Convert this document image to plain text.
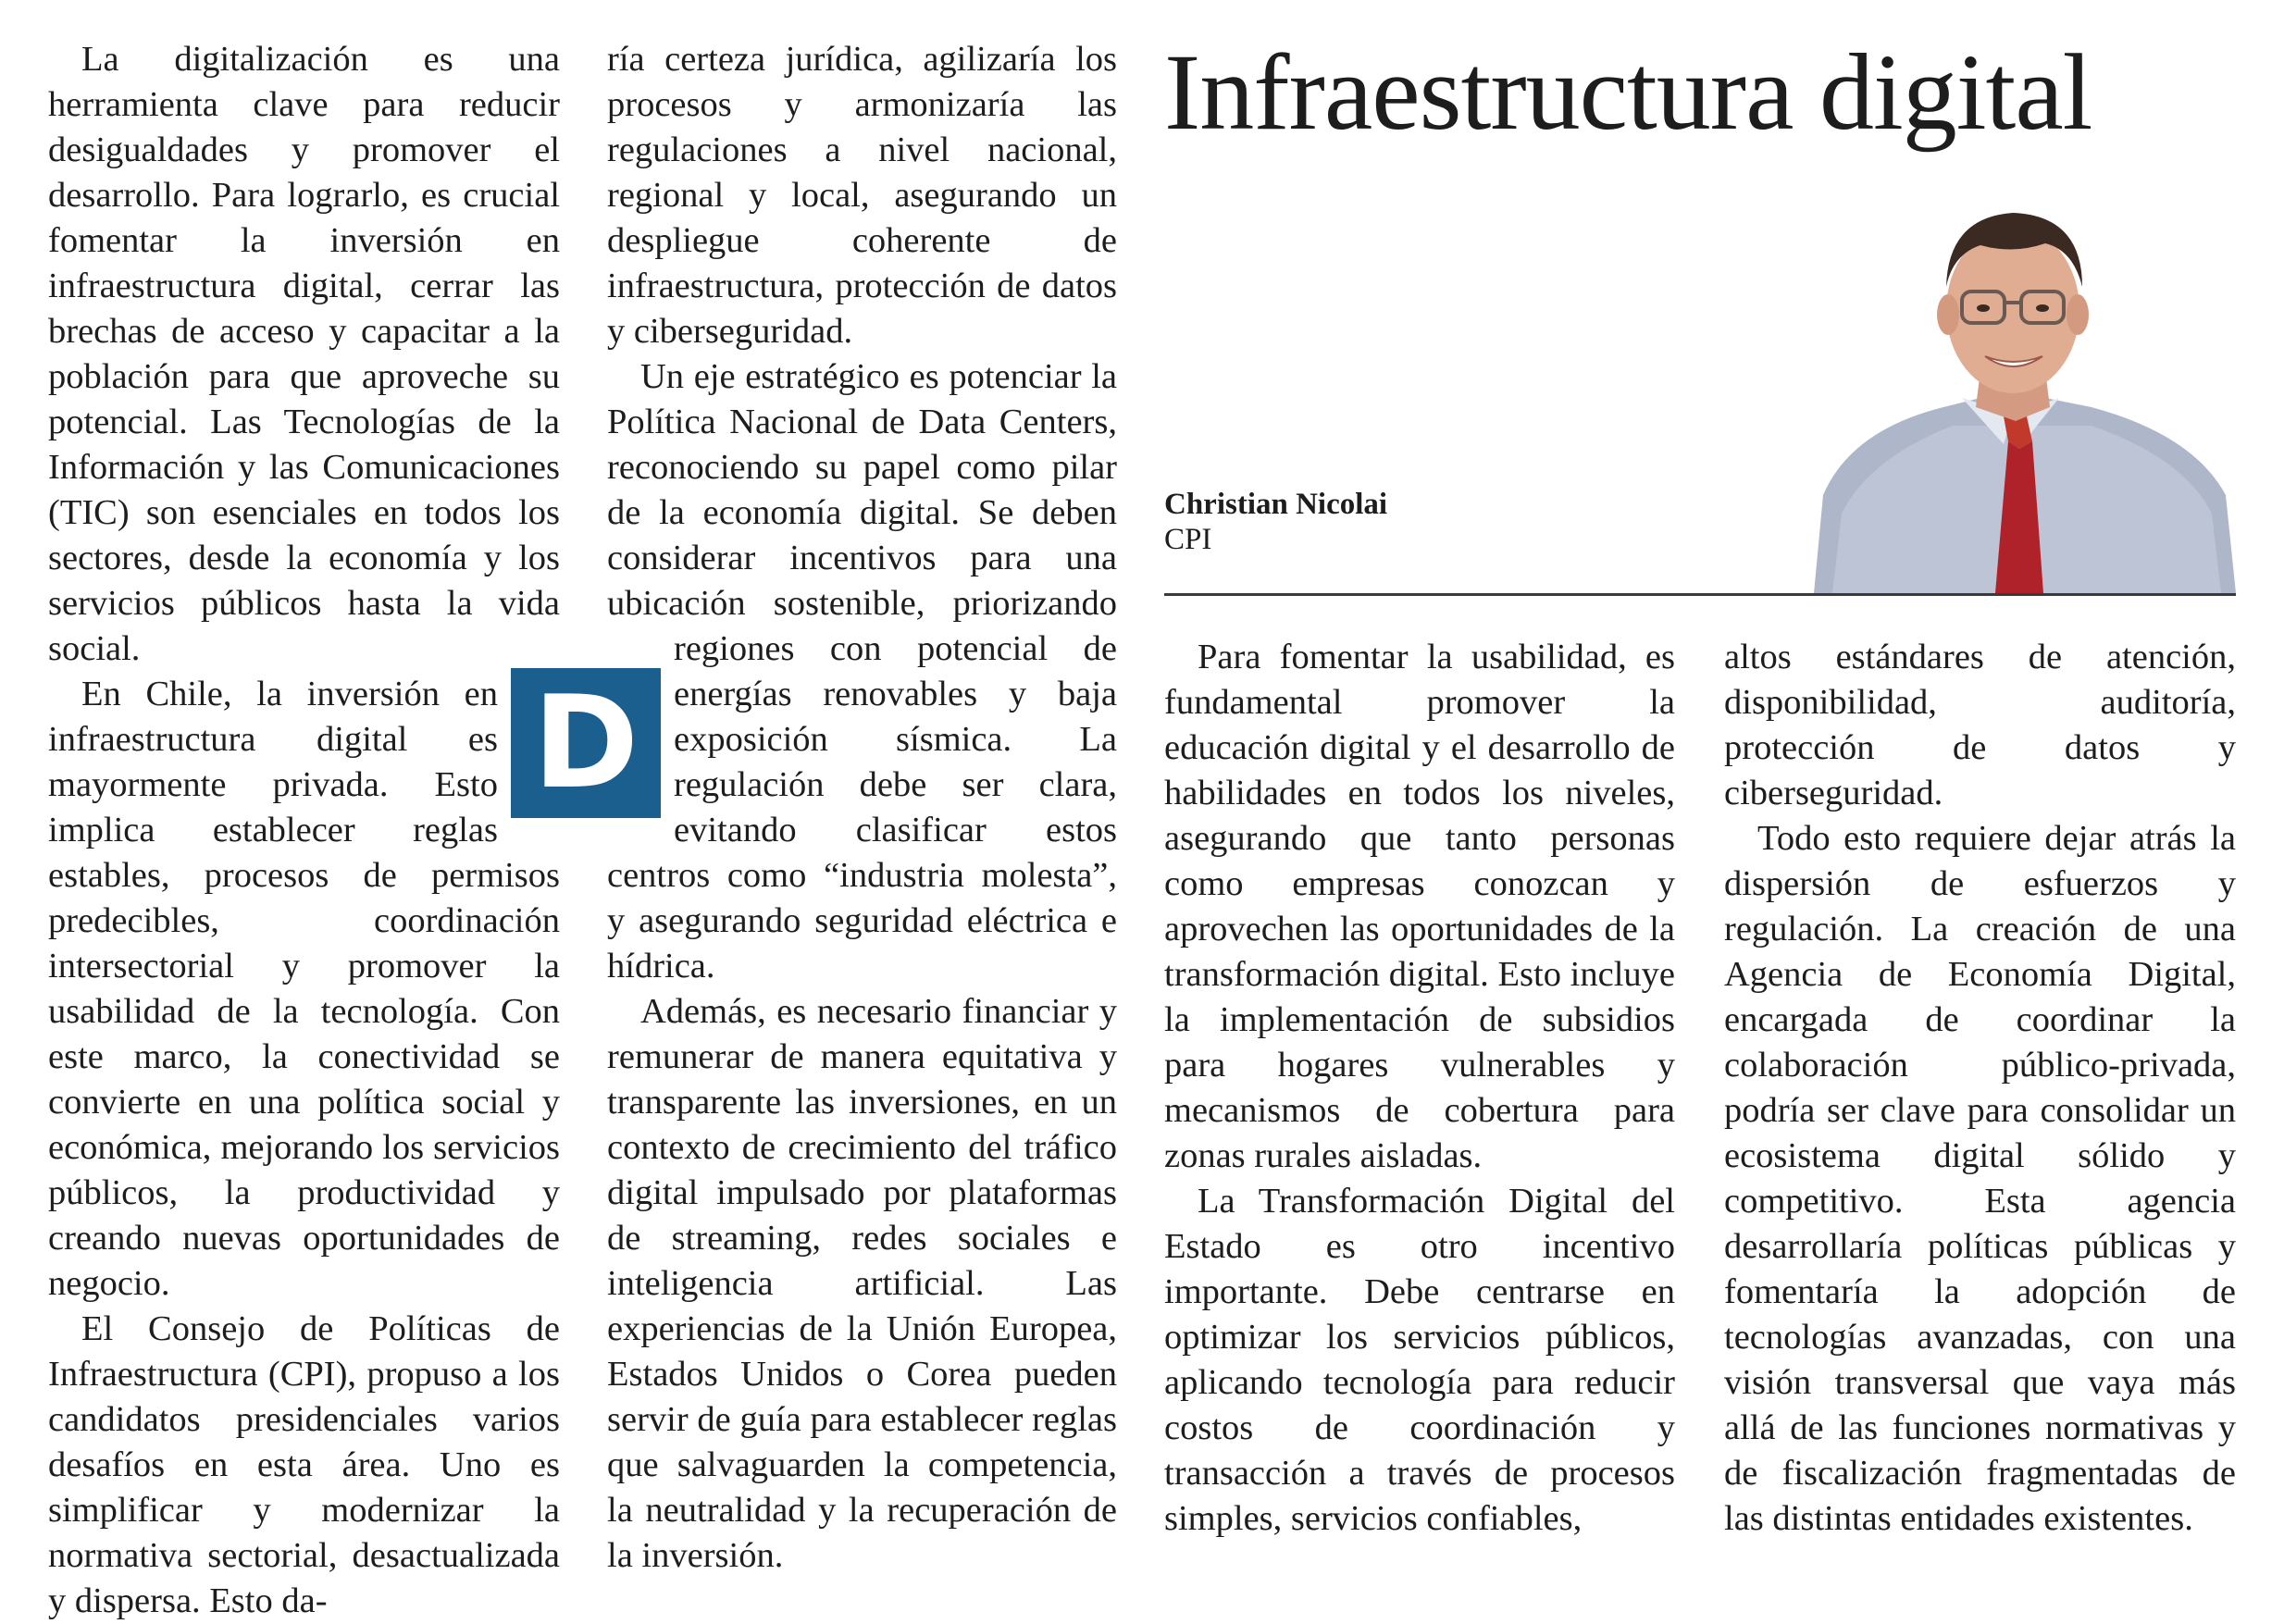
Infraestructura digital
Christian Nicolai
CPI

La digitalización es una herramienta clave para reducir desigualdades y promover el desarrollo. Para lograrlo, es crucial fomentar la inversión en infraestructura digital, cerrar las brechas de acceso y capacitar a la población para que aproveche su potencial. Las Tecnologías de la Información y las Comunicaciones (TIC) son esenciales en todos los sectores, desde la economía y los servicios públicos hasta la vida social.

En Chile, la inversión en infraestructura digital es mayormente privada. Esto implica establecer reglas estables, procesos de permisos predecibles, coordinación intersectorial y promover la usabilidad de la tecnología. Con este marco, la conectividad se convierte en una política social y económica, mejorando los servicios públicos, la productividad y creando nuevas oportunidades de negocio.

El Consejo de Políticas de Infraestructura (CPI), propuso a los candidatos presidenciales varios desafíos en esta área. Uno es simplificar y modernizar la normativa sectorial, desactualizada y dispersa. Esto da-

ría certeza jurídica, agilizaría los procesos y armonizaría las regulaciones a nivel nacional, regional y local, asegurando un despliegue coherente de infraestructura, protección de datos y ciberseguridad.

Un eje estratégico es potenciar la Política Nacional de Data Centers, reconociendo su papel como pilar de la economía digital. Se deben considerar incentivos para una ubicación sostenible, priorizando regiones con potencial de energías renovables y baja exposición sísmica. La regulación debe ser clara, evitando clasificar estos centros como “industria molesta”, y asegurando seguridad eléctrica e hídrica.

Además, es necesario financiar y remunerar de manera equitativa y transparente las inversiones, en un contexto de crecimiento del tráfico digital impulsado por plataformas de streaming, redes sociales e inteligencia artificial. Las experiencias de la Unión Europea, Estados Unidos o Corea pueden servir de guía para establecer reglas que salvaguarden la competencia, la neutralidad y la recuperación de la inversión.

D

Para fomentar la usabilidad, es fundamental promover la educación digital y el desarrollo de habilidades en todos los niveles, asegurando que tanto personas como empresas conozcan y aprovechen las oportunidades de la transformación digital. Esto incluye la implementación de subsidios para hogares vulnerables y mecanismos de cobertura para zonas rurales aisladas.

La Transformación Digital del Estado es otro incentivo importante. Debe centrarse en optimizar los servicios públicos, aplicando tecnología para reducir costos de coordinación y transacción a través de procesos simples, servicios confiables,

altos estándares de atención, disponibilidad, auditoría, protección de datos y ciberseguridad.

Todo esto requiere dejar atrás la dispersión de esfuerzos y regulación. La creación de una Agencia de Economía Digital, encargada de coordinar la colaboración público-privada, podría ser clave para consolidar un ecosistema digital sólido y competitivo. Esta agencia desarrollaría políticas públicas y fomentaría la adopción de tecnologías avanzadas, con una visión transversal que vaya más allá de las funciones normativas y de fiscalización fragmentadas de las distintas entidades existentes.
